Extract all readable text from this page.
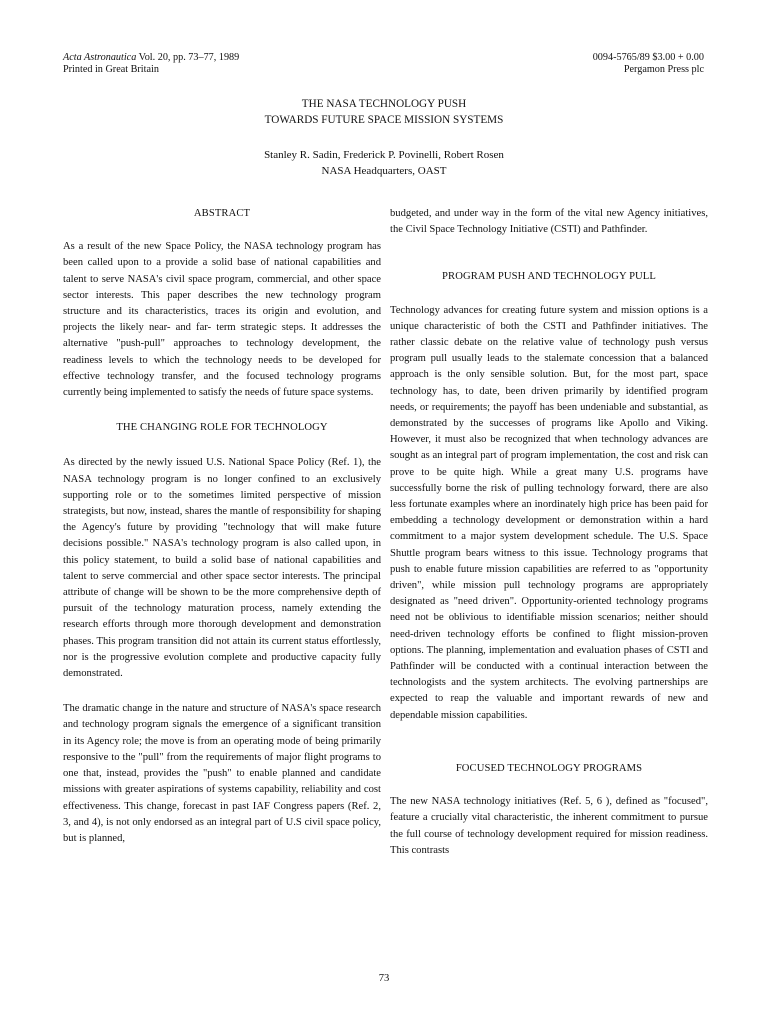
Acta Astronautica Vol. 20, pp. 73–77, 1989
Printed in Great Britain
0094-5765/89 $3.00 + 0.00
Pergamon Press plc
THE NASA TECHNOLOGY PUSH
TOWARDS FUTURE SPACE MISSION SYSTEMS
Stanley R. Sadin, Frederick P. Povinelli, Robert Rosen
NASA Headquarters, OAST
ABSTRACT

As a result of the new Space Policy, the NASA technology program has been called upon to a provide a solid base of national capabilities and talent to serve NASA's civil space program, commercial, and other space sector interests. This paper describes the new technology program structure and its characteristics, traces its origin and evolution, and projects the likely near- and far- term strategic steps. It addresses the alternative "push-pull" approaches to technology development, the readiness levels to which the technology needs to be developed for effective technology transfer, and the focused technology programs currently being implemented to satisfy the needs of future space systems.

THE CHANGING ROLE FOR TECHNOLOGY

As directed by the newly issued U.S. National Space Policy (Ref. 1), the NASA technology program is no longer confined to an exclusively supporting role or to the sometimes limited perspective of mission strategists, but now, instead, shares the mantle of responsibility for shaping the Agency's future by providing "technology that will make future decisions possible." NASA's technology program is also called upon, in this policy statement, to build a solid base of national capabilities and talent to serve commercial and other space sector interests. The principal attribute of change will be shown to be the more comprehensive depth of pursuit of the technology maturation process, namely extending the research efforts through more thorough development and demonstration phases. This program transition did not attain its current status effortlessly, nor is the progressive evolution complete and productive capacity fully demonstrated.

The dramatic change in the nature and structure of NASA's space research and technology program signals the emergence of a significant transition in its Agency role; the move is from an operating mode of being primarily responsive to the "pull" from the requirements of major flight programs to one that, instead, provides the "push" to enable planned and candidate missions with greater aspirations of systems capability, reliability and cost effectiveness. This change, forecast in past IAF Congress papers (Ref. 2, 3, and 4), is not only endorsed as an integral part of U.S civil space policy, but is planned,

budgeted, and under way in the form of the vital new Agency initiatives, the Civil Space Technology Initiative (CSTI) and Pathfinder.

PROGRAM PUSH AND TECHNOLOGY PULL

Technology advances for creating future system and mission options is a unique characteristic of both the CSTI and Pathfinder initiatives. The rather classic debate on the relative value of technology push versus program pull usually leads to the stalemate concession that a balanced approach is the only sensible solution. But, for the most part, space technology has, to date, been driven primarily by identified program needs, or requirements; the payoff has been undeniable and substantial, as demonstrated by the successes of programs like Apollo and Viking. However, it must also be recognized that when technology advances are sought as an integral part of program implementation, the cost and risk can prove to be quite high. While a great many U.S. programs have successfully borne the risk of pulling technology forward, there are also less fortunate examples where an inordinately high price has been paid for embedding a technology development or demonstration within a hard commitment to a major system development schedule. The U.S. Space Shuttle program bears witness to this issue. Technology programs that push to enable future mission capabilities are referred to as "opportunity driven", while mission pull technology programs are appropriately designated as "need driven". Opportunity-oriented technology programs need not be oblivious to identifiable mission scenarios; neither should need-driven technology efforts be confined to flight mission-proven options. The planning, implementation and evaluation phases of CSTI and Pathfinder will be conducted with a continual interaction between the technologists and the system architects. The evolving partnerships are expected to reap the valuable and important rewards of new and dependable mission capabilities.

FOCUSED TECHNOLOGY PROGRAMS

The new NASA technology initiatives (Ref. 5, 6 ), defined as "focused", feature a crucially vital characteristic, the inherent commitment to pursue the full course of technology development required for mission readiness. This contrasts

73
